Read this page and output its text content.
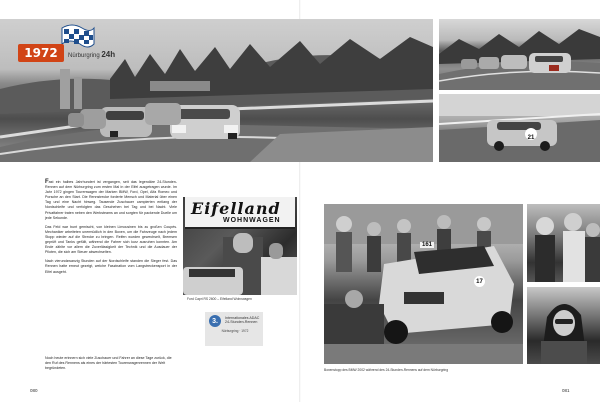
1972	Nürburgring 24h
21

Fast ein halbes Jahrhundert ist vergangen, seit das legendäre 24-Stunden-Rennen auf dem Nürburgring zum ersten Mal in der Eifel ausgetragen wurde. Im Jahr 1972 gingen Tourenwagen der Marken BMW, Ford, Opel, Alfa Romeo und Porsche an den Start. Die Rennstrecke forderte Mensch und Material über einen Tag und eine Nacht hinweg. Tausende Zuschauer campierten entlang der Nordschleife und verfolgten das Geschehen bei Tag und bei Nacht. Viele Privatfahrer traten neben den Werksteams an und sorgten für packende Duelle um jede Sekunde.

Das Feld war bunt gemischt, von kleinen Limousinen bis zu großen Coupés. Mechaniker arbeiteten unermüdlich in den Boxen, um die Fahrzeuge nach jedem Stopp wieder auf die Strecke zu bringen. Reifen wurden gewechselt, Bremsen geprüft und Tanks gefüllt, während die Fahrer sich kurz ausruhen konnten. Am Ende zählte vor allem die Zuverlässigkeit der Technik und die Ausdauer der Piloten, die sich am Steuer abwechselten.

Nach vierundzwanzig Stunden auf der Nordschleife standen die Sieger fest. Das Rennen hatte erneut gezeigt, welche Faszination vom Langstreckensport in der Eifel ausgeht.

Noch heute erinnern sich viele Zuschauer und Fahrer an diese Tage zurück, die den Ruf des Rennens als eines der härtesten Tourenwagenrennen der Welt begründeten.
Eifelland
WOHNWAGEN
Ford Capri RS 2600 – Eifelland Wohnwagen
3.	Internationales ADAC 24-Stunden-Rennen
Nürburgring · 1972
161
17
Boxenstopp des BMW 2002 während des 24-Stunden-Rennens auf dem Nürburgring
080	081
